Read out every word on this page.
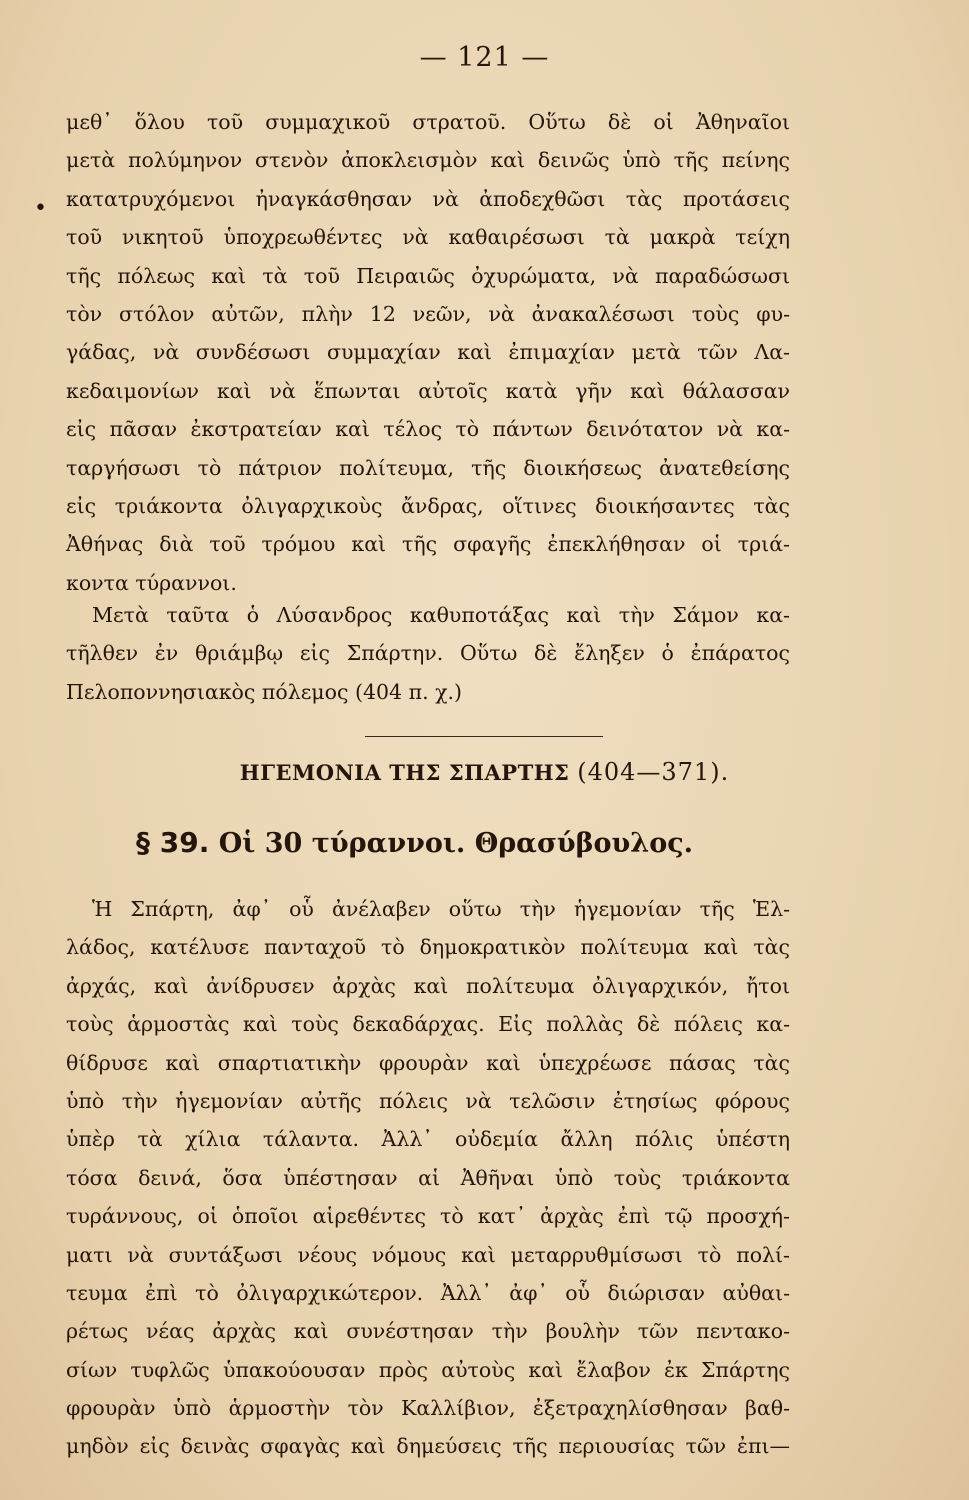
— 121 —
•
μεθ᾽ ὅλου τοῦ συμμαχικοῦ στρατοῦ. Οὕτω δὲ οἱ Ἀθηναῖοι
μετὰ πολύμηνον στενὸν ἀποκλεισμὸν καὶ δεινῶς ὑπὸ τῆς πείνης
κατατρυχόμενοι ἠναγκάσθησαν νὰ ἀποδεχθῶσι τὰς προτάσεις
τοῦ νικητοῦ ὑποχρεωθέντες νὰ καθαιρέσωσι τὰ μακρὰ τείχη
τῆς πόλεως καὶ τὰ τοῦ Πειραιῶς ὀχυρώματα, νὰ παραδώσωσι
τὸν στόλον αὐτῶν, πλὴν 12 νεῶν, νὰ ἀνακαλέσωσι τοὺς φυ-
γάδας, νὰ συνδέσωσι συμμαχίαν καὶ ἐπιμαχίαν μετὰ τῶν Λα-
κεδαιμονίων καὶ νὰ ἕπωνται αὐτοῖς κατὰ γῆν καὶ θάλασσαν
εἰς πᾶσαν ἐκστρατείαν καὶ τέλος τὸ πάντων δεινότατον νὰ κα-
ταργήσωσι τὸ πάτριον πολίτευμα, τῆς διοικήσεως ἀνατεθείσης
εἰς τριάκοντα ὀλιγαρχικοὺς ἄνδρας, οἵτινες διοικήσαντες τὰς
Ἀθήνας διὰ τοῦ τρόμου καὶ τῆς σφαγῆς ἐπεκλήθησαν οἱ τριά-
κοντα τύραννοι.
Μετὰ ταῦτα ὁ Λύσανδρος καθυποτάξας καὶ τὴν Σάμον κα-
τῆλθεν ἐν θριάμβῳ εἰς Σπάρτην. Οὕτω δὲ ἔληξεν ὁ ἐπάρατος
Πελοποννησιακὸς πόλεμος (404 π. χ.)
ΗΓΕΜΟΝΙΑ ΤΗΣ ΣΠΑΡΤΗΣ (404—371).
§ 39. Οἱ 30 τύραννοι. Θρασύβουλος.
Ἡ Σπάρτη, ἀφ᾽ οὗ ἀνέλαβεν οὕτω τὴν ἡγεμονίαν τῆς Ἑλ-
λάδος, κατέλυσε πανταχοῦ τὸ δημοκρατικὸν πολίτευμα καὶ τὰς
ἀρχάς, καὶ ἀνίδρυσεν ἀρχὰς καὶ πολίτευμα ὀλιγαρχικόν, ἤτοι
τοὺς ἁρμοστὰς καὶ τοὺς δεκαδάρχας. Εἰς πολλὰς δὲ πόλεις κα-
θίδρυσε καὶ σπαρτιατικὴν φρουρὰν καὶ ὑπεχρέωσε πάσας τὰς
ὑπὸ τὴν ἡγεμονίαν αὐτῆς πόλεις νὰ τελῶσιν ἐτησίως φόρους
ὑπὲρ τὰ χίλια τάλαντα. Ἀλλ᾽ οὐδεμία ἄλλη πόλις ὑπέστη
τόσα δεινά, ὅσα ὑπέστησαν αἱ Ἀθῆναι ὑπὸ τοὺς τριάκοντα
τυράννους, οἱ ὁποῖοι αἱρεθέντες τὸ κατ᾽ ἀρχὰς ἐπὶ τῷ προσχή-
ματι νὰ συντάξωσι νέους νόμους καὶ μεταρρυθμίσωσι τὸ πολί-
τευμα ἐπὶ τὸ ὀλιγαρχικώτερον. Ἀλλ᾽ ἀφ᾽ οὗ διώρισαν αὐθαι-
ρέτως νέας ἀρχὰς καὶ συνέστησαν τὴν βουλὴν τῶν πεντακο-
σίων τυφλῶς ὑπακούουσαν πρὸς αὐτοὺς καὶ ἔλαβον ἐκ Σπάρτης
φρουρὰν ὑπὸ ἁρμοστὴν τὸν Καλλίβιον, ἐξετραχηλίσθησαν βαθ-
μηδὸν εἰς δεινὰς σφαγὰς καὶ δημεύσεις τῆς περιουσίας τῶν ἐπι—
